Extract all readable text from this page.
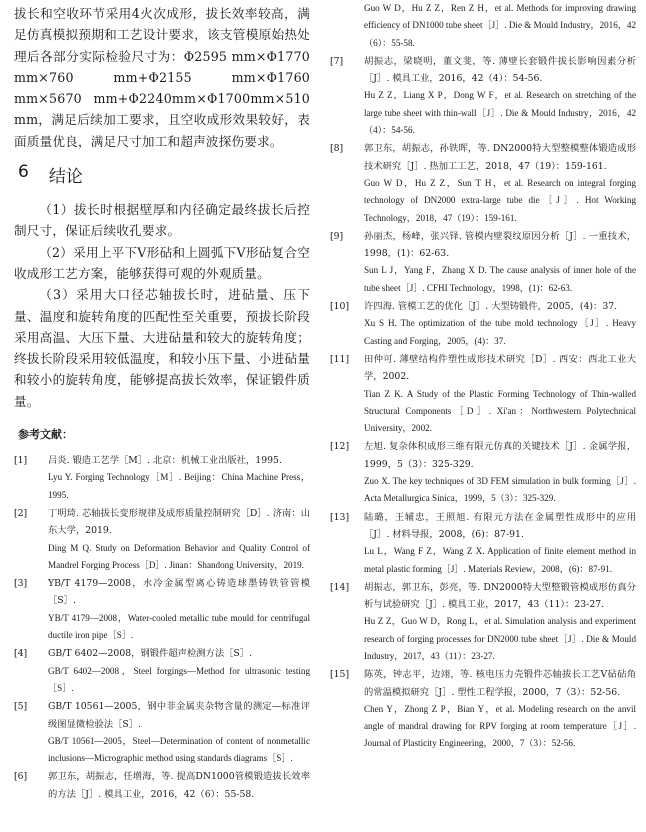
拔长和空收环节采用4火次成形，拔长效率较高，满足仿真模拟预期和工艺设计要求，该支管模原始热处理后各部分实际检验尺寸为：Φ2595 mm×Φ1770 mm×760 mm+Φ2155 mm×Φ1760 mm×5670 mm+Φ2240mm×Φ1700mm×510 mm，满足后续加工要求，且空收成形效果较好，表面质量优良，满足尺寸加工和超声波探伤要求。

6 结论

（1）拔长时根据壁厚和内径确定最终拔长后控制尺寸，保证后续收孔要求。

（2）采用上平下V形砧和上圆弧下V形砧复合空收成形工艺方案，能够获得可观的外观质量。

（3）采用大口径芯轴拔长时，进砧量、压下量、温度和旋转角度的匹配性至关重要，预拔长阶段采用高温、大压下量、大进砧量和较大的旋转角度；终拔长阶段采用较低温度，和较小压下量、小进砧量和较小的旋转角度，能够提高拔长效率，保证锻件质量。

参考文献：
[1] 吕炎. 锻造工艺学［M］. 北京：机械工业出版社，1995.
Lyu Y. Forging Technology［M］. Beijing：China Machine Press，1995.
[2] 丁明琦. 芯轴拔长变形规律及成形质量控制研究［D］. 济南：山东大学，2019.
Ding M Q. Study on Deformation Behavior and Quality Control of Mandrel Forging Process［D］. Jinan：Shandong University，2019.
[3] YB/T 4179—2008，水冷金属型离心铸造球墨铸铁管管模［S］.
YB/T 4179—2008，Water-cooled metallic tube mould for centrifugal ductile iron pipe［S］.
[4] GB/T 6402—2008，钢锻件超声检测方法［S］.
GB/T 6402—2008，Steel forgings—Method for ultrasonic testing［S］.
[5] GB/T 10561—2005，钢中非金属夹杂物含量的测定—标准评级图显微检验法［S］.
GB/T 10561—2005，Steel—Determination of content of nonmetallic inclusions—Micrographic method using standards diagrams［S］.
[6] 郭卫东，胡振志，任增海，等. 提高DN1000管模锻造拔长效率的方法［J］. 模具工业，2016，42（6）：55-58.
Guo W D，Hu Z Z，Ren Z H，et al. Methods for improving drawing efficiency of DN1000 tube sheet［J］. Die & Mould Industry，2016，42（6）：55-58.
[7] 胡振志，梁晓明，董文斐，等. 薄壁长套锻件拔长影响因素分析［J］. 模具工业，2016，42（4）：54-56.
Hu Z Z，Liang X P，Dong W F，et al. Research on stretching of the large tube sheet with thin-wall［J］. Die & Mould Industry，2016，42（4）：54-56.
[8] 郭卫东，胡振志，孙铁晖，等. DN2000特大型整模整体锻造成形技术研究［J］. 热加工工艺，2018，47（19）：159-161.
Guo W D，Hu Z Z，Sun T H，et al. Research on integral forging technology of DN2000 extra-large tube die［J］. Hot Working Technology，2018，47（19）：159-161.
[9] 孙丽杰，杨峰，张兴铎. 管模内壁裂纹原因分析［J］. 一重技术，1998，(1)：62-63.
Sun L J，Yang F，Zhang X D. The cause analysis of inner hole of the tube sheet［J］. CFHI Technology，1998，(1)：62-63.
[10] 许四海. 管模工艺的优化［J］. 大型铸锻件，2005，(4)：37.
Xu S H. The optimization of the tube mold technology［J］. Heavy Casting and Forging，2005，(4)：37.
[11] 田仲可. 薄壁结构件塑性成形技术研究［D］. 西安：西北工业大学，2002.
Tian Z K. A Study of the Plastic Forming Technology of Thin-walled Structural Components［D］. Xi'an：Northwestern Polytechnical University，2002.
[12] 左旭. 复杂体积成形三维有限元仿真的关键技术［J］. 金属学报，1999，5（3）：325-329.
Zuo X. The key techniques of 3D FEM simulation in bulk forming［J］. Acta Metallurgica Sinica，1999，5（3）：325-329.
[13] 陆璐，王辅忠，王照旭. 有限元方法在金属塑性成形中的应用［J］. 材料导报，2008，(6)：87-91.
Lu L，Wang F Z，Wang Z X. Application of finite element method in metal plastic forming［J］. Materials Review，2008，(6)：87-91.
[14] 胡振志，郭卫东，彭亮，等. DN2000特大型整锻管模成形仿真分析与试验研究［J］. 模具工业，2017，43（11）：23-27.
Hu Z Z，Guo W D，Rong L，et al. Simulation analysis and experiment research of forging processes for DN2000 tube sheet［J］. Die & Mould Industry，2017，43（11）：23-27.
[15] 陈英，钟志平，边翊，等. 核电压力壳锻件芯轴拔长工艺V砧砧角的常温模拟研究［J］. 塑性工程学报，2000，7（3）：52-56.
Chen Y，Zhong Z P，Bian Y，et al. Modeling research on the anvil angle of mandral drawing for RPV forging at room temperature［J］. Journal of Plasticity Engineering，2000，7（3）：52-56.
